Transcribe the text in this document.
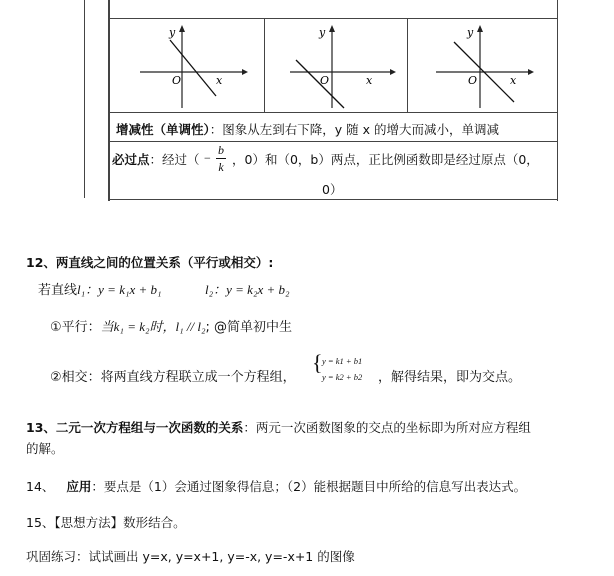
y
x
O
y
x
O
y
x
O
增减性（单调性）：图象从左到右下降，y 随 x 的增大而减小，单调减
必过点：经过（ −
b
k ，0）和（0，b）两点，正比例函数即是经过原点（0，
0）
12、两直线之间的位置关系（平行或相交）:
若直线l₁：y = k₁x + b₁	l₂：y = k₂x + b₂
①平行：当k₁ = k₂时，l₁ // l₂; @简单初中生
②相交：将两直线方程联立成一个方程组，
{ y = k1 + b1
y = k2 + b2 ，解得结果，即为交点。
13、二元一次方程组与一次函数的关系：两元一次函数图象的交点的坐标即为所对应方程组
的解。
14、 应用：要点是（1）会通过图象得信息；（2）能根据题目中所给的信息写出表达式。
15、【思想方法】数形结合。
巩固练习：试试画出 y=x, y=x+1, y=-x, y=-x+1 的图像
